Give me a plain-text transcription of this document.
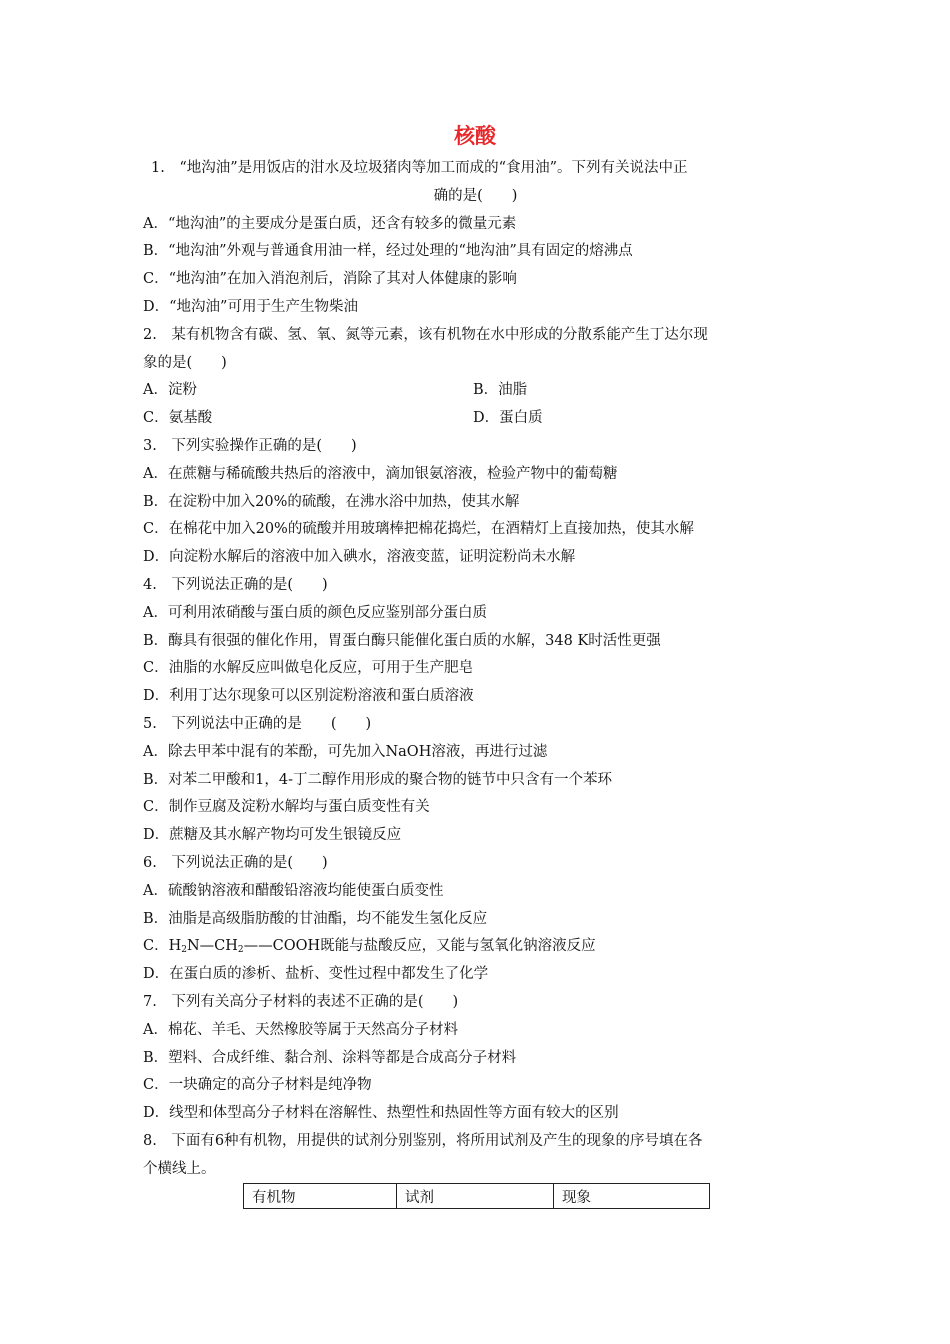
核酸
1.　“地沟油”是用饭店的泔水及垃圾猪肉等加工而成的“食用油”。下列有关说法中正
确的是(　　)
A．“地沟油”的主要成分是蛋白质，还含有较多的微量元素
B．“地沟油”外观与普通食用油一样，经过处理的“地沟油”具有固定的熔沸点
C．“地沟油”在加入消泡剂后，消除了其对人体健康的影响
D．“地沟油”可用于生产生物柴油
2.　某有机物含有碳、氢、氧、氮等元素，该有机物在水中形成的分散系能产生丁达尔现
象的是(　　)
A．淀粉	B．油脂
C．氨基酸	D．蛋白质
3.　下列实验操作正确的是(　　)
A．在蔗糖与稀硫酸共热后的溶液中，滴加银氨溶液，检验产物中的葡萄糖
B．在淀粉中加入20%的硫酸，在沸水浴中加热，使其水解
C．在棉花中加入20%的硫酸并用玻璃棒把棉花捣烂，在酒精灯上直接加热，使其水解
D．向淀粉水解后的溶液中加入碘水，溶液变蓝，证明淀粉尚未水解
4.　下列说法正确的是(　　)
A．可利用浓硝酸与蛋白质的颜色反应鉴别部分蛋白质
B．酶具有很强的催化作用，胃蛋白酶只能催化蛋白质的水解，348 K时活性更强
C．油脂的水解反应叫做皂化反应，可用于生产肥皂
D．利用丁达尔现象可以区别淀粉溶液和蛋白质溶液
5.　下列说法中正确的是　　(　　)
A．除去甲苯中混有的苯酚，可先加入NaOH溶液，再进行过滤
B．对苯二甲酸和1，4-丁二醇作用形成的聚合物的链节中只含有一个苯环
C．制作豆腐及淀粉水解均与蛋白质变性有关
D．蔗糖及其水解产物均可发生银镜反应
6.　下列说法正确的是(　　)
A．硫酸钠溶液和醋酸铅溶液均能使蛋白质变性
B．油脂是高级脂肪酸的甘油酯，均不能发生氢化反应
C．$H_2N—CH_2——COOH$既能与盐酸反应，又能与氢氧化钠溶液反应
D．在蛋白质的渗析、盐析、变性过程中都发生了化学
7.　下列有关高分子材料的表述不正确的是(　　)
A．棉花、羊毛、天然橡胶等属于天然高分子材料
B．塑料、合成纤维、黏合剂、涂料等都是合成高分子材料
C．一块确定的高分子材料是纯净物
D．线型和体型高分子材料在溶解性、热塑性和热固性等方面有较大的区别
8.　下面有6种有机物，用提供的试剂分别鉴别，将所用试剂及产生的现象的序号填在各
个横线上。
有机物	试剂	现象
